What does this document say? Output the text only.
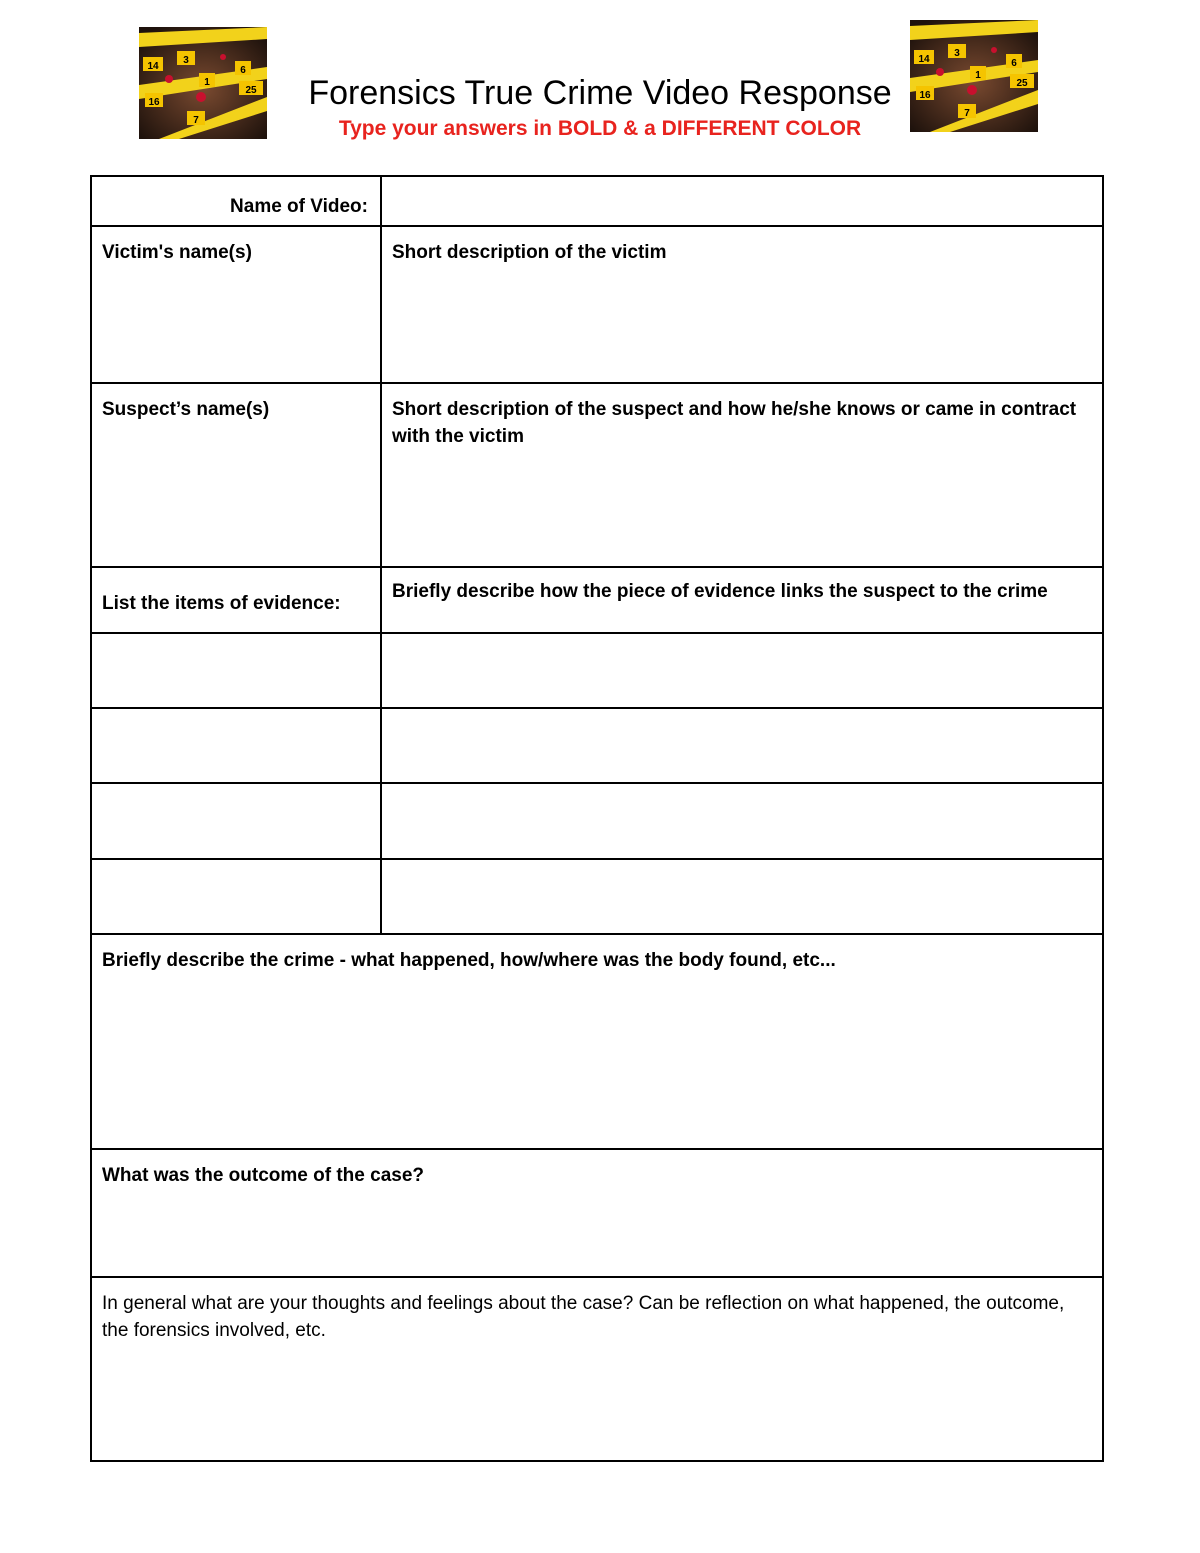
14
3
1
6
16
7
25
14
3
1
6
16
7
25
Forensics True Crime Video Response
Type your answers in BOLD & a DIFFERENT COLOR
Name of Video:	

Victim's name(s)	Short description of the victim

Suspect’s name(s)	Short description of the suspect and how he/she knows or came in contract with the victim

List the items of evidence:	Briefly describe how the piece of evidence links the suspect to the crime

Briefly describe the crime - what happened, how/where was the body found, etc...	

What was the outcome of the case?	

In general what are your thoughts and feelings about the case? Can be reflection on what happened, the outcome, the forensics involved, etc.	
